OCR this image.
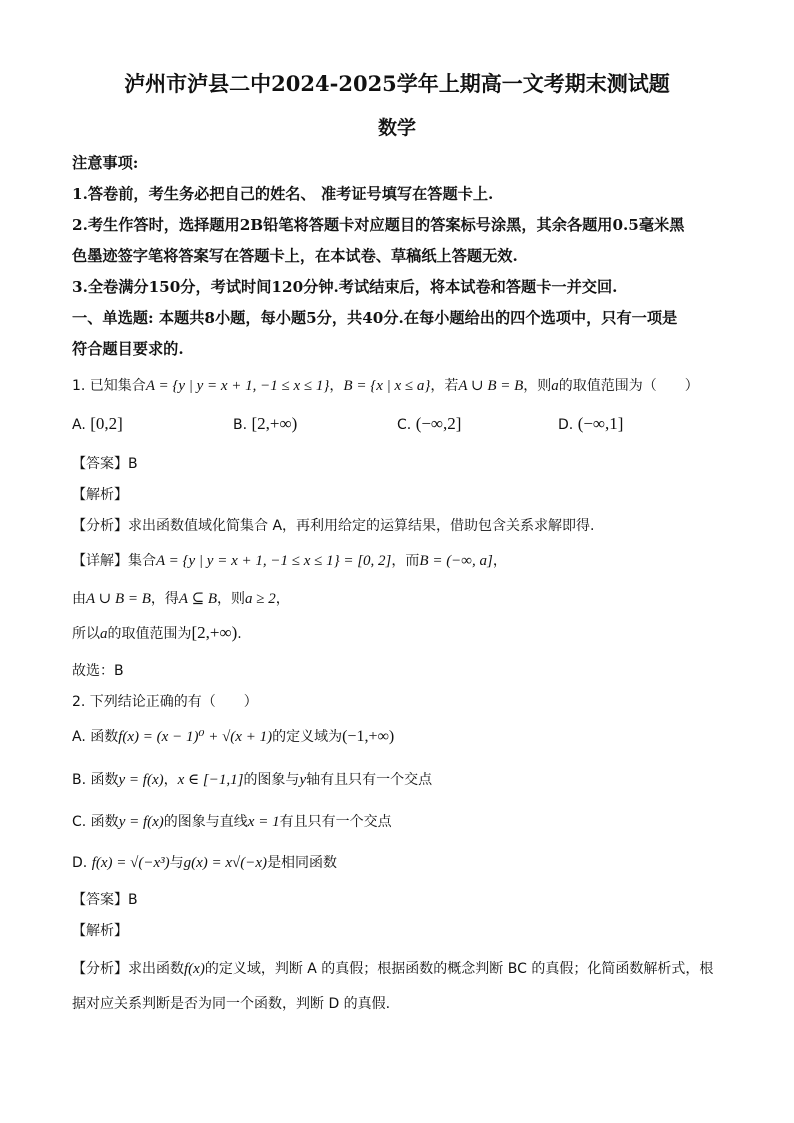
泸州市泸县二中2024-2025学年上期高一文考期末测试题
数学
注意事项:
1.答卷前，考生务必把自己的姓名、 准考证号填写在答题卡上.
2.考生作答时，选择题用2B铅笔将答题卡对应题目的答案标号涂黑，其余各题用0.5毫米黑
色墨迹签字笔将答案写在答题卡上，在本试卷、草稿纸上答题无效.
3.全卷满分150分，考试时间120分钟.考试结束后，将本试卷和答题卡一并交回.
一、单选题: 本题共8小题，每小题5分，共40分.在每小题给出的四个选项中，只有一项是
符合题目要求的.
1. 已知集合A = {y | y = x + 1, −1 ≤ x ≤ 1}，B = {x | x ≤ a}，若A ∪ B = B，则a的取值范围为（　　）
A. [0,2]	B. [2,+∞)	C. (−∞,2]	D. (−∞,1]
【答案】B
【解析】
【分析】求出函数值域化简集合 A，再利用给定的运算结果，借助包含关系求解即得.
【详解】集合A = {y | y = x + 1, −1 ≤ x ≤ 1} = [0, 2]，而B = (−∞, a]，
由A ∪ B = B，得A ⊆ B，则a ≥ 2，
所以a的取值范围为[2,+∞).
故选：B
2. 下列结论正确的有（　　）
A. 函数f(x) = (x − 1)⁰ + √(x + 1)的定义域为(−1,+∞)
B. 函数y = f(x)，x ∈ [−1,1]的图象与y轴有且只有一个交点
C. 函数y = f(x)的图象与直线x = 1有且只有一个交点
D. f(x) = √(−x³)与g(x) = x√(−x)是相同函数
【答案】B
【解析】
【分析】求出函数f(x)的定义域，判断 A 的真假；根据函数的概念判断 BC 的真假；化简函数解析式，根
据对应关系判断是否为同一个函数，判断 D 的真假.
